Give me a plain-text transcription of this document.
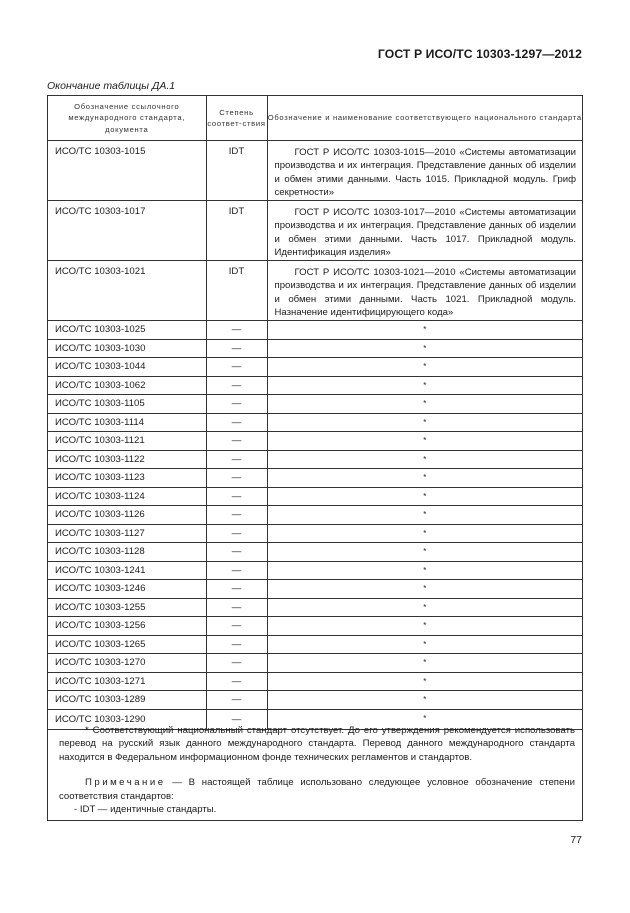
ГОСТ Р ИСО/ТС 10303-1297—2012
Окончание таблицы ДА.1
Обозначение ссылочного международного стандарта, документа	Степень соответ-ствия	Обозначение и наименование соответствующего национального стандарта
ИСО/ТС 10303-1015	IDT	ГОСТ Р ИСО/ТС 10303-1015—2010 «Системы автоматизации производства и их интеграция. Представление данных об изделии и обмен этими данными. Часть 1015. Прикладной модуль. Гриф секретности»

ИСО/ТС 10303-1017	IDT	ГОСТ Р ИСО/ТС 10303-1017—2010 «Системы автоматизации производства и их интеграция. Представление данных об изделии и обмен этими данными. Часть 1017. Прикладной модуль. Идентификация изделия»

ИСО/ТС 10303-1021	IDT	ГОСТ Р ИСО/ТС 10303-1021—2010 «Системы автоматизации производства и их интеграция. Представление данных об изделии и обмен этими данными. Часть 1021. Прикладной модуль. Назначение идентифицирующего кода»

ИСО/ТС 10303-1025	—	*

ИСО/ТС 10303-1030	—	*

ИСО/ТС 10303-1044	—	*

ИСО/ТС 10303-1062	—	*

ИСО/ТС 10303-1105	—	*

ИСО/ТС 10303-1114	—	*

ИСО/ТС 10303-1121	—	*

ИСО/ТС 10303-1122	—	*

ИСО/ТС 10303-1123	—	*

ИСО/ТС 10303-1124	—	*

ИСО/ТС 10303-1126	—	*

ИСО/ТС 10303-1127	—	*

ИСО/ТС 10303-1128	—	*

ИСО/ТС 10303-1241	—	*

ИСО/ТС 10303-1246	—	*

ИСО/ТС 10303-1255	—	*

ИСО/ТС 10303-1256	—	*

ИСО/ТС 10303-1265	—	*

ИСО/ТС 10303-1270	—	*

ИСО/ТС 10303-1271	—	*

ИСО/ТС 10303-1289	—	*

ИСО/ТС 10303-1290	—	*

* Соответствующий национальный стандарт отсутствует. До его утверждения рекомендуется использовать перевод на русский язык данного международного стандарта. Перевод данного международного стандарта находится в Федеральном информационном фонде технических регламентов и стандартов.

Примечание — В настоящей таблице использовано следующее условное обозначение степени соответствия стандартов:

- IDT — идентичные стандарты.

77
